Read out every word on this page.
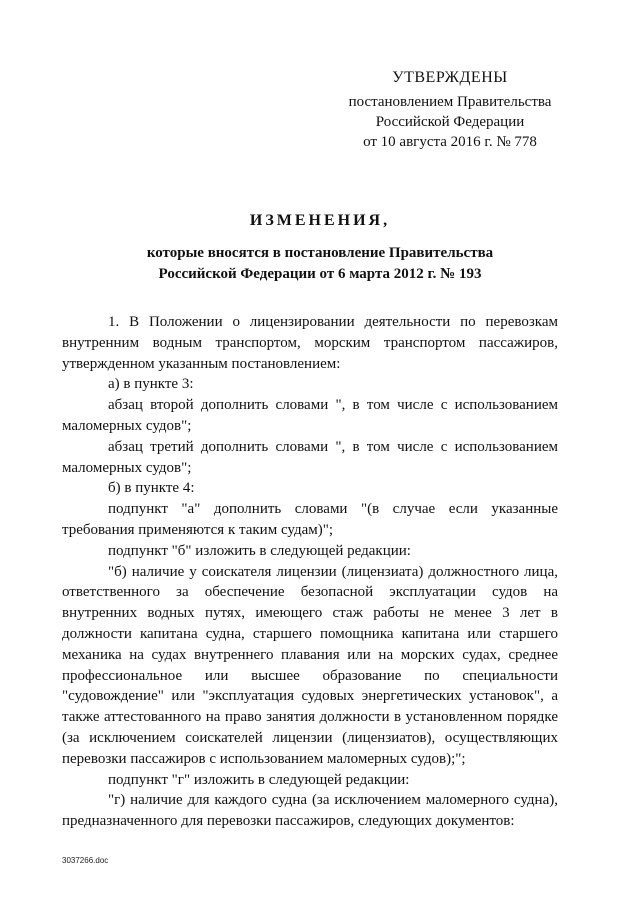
УТВЕРЖДЕНЫ
постановлением Правительства
Российской Федерации
от 10 августа 2016 г. № 778
ИЗМЕНЕНИЯ,
которые вносятся в постановление Правительства
Российской Федерации от 6 марта 2012 г. № 193

1. В Положении о лицензировании деятельности по перевозкам внутренним водным транспортом, морским транспортом пассажиров, утвержденном указанным постановлением:

а) в пункте 3:

абзац второй дополнить словами ", в том числе с использованием маломерных судов";

абзац третий дополнить словами ", в том числе с использованием маломерных судов";

б) в пункте 4:

подпункт "а" дополнить словами "(в случае если указанные требования применяются к таким судам)";

подпункт "б" изложить в следующей редакции:

"б) наличие у соискателя лицензии (лицензиата) должностного лица, ответственного за обеспечение безопасной эксплуатации судов на внутренних водных путях, имеющего стаж работы не менее 3 лет в должности капитана судна, старшего помощника капитана или старшего механика на судах внутреннего плавания или на морских судах, среднее профессиональное или высшее образование по специальности "судовождение" или "эксплуатация судовых энергетических установок", а также аттестованного на право занятия должности в установленном порядке (за исключением соискателей лицензии (лицензиатов), осуществляющих перевозки пассажиров с использованием маломерных судов);";

подпункт "г" изложить в следующей редакции:

"г) наличие для каждого судна (за исключением маломерного судна), предназначенного для перевозки пассажиров, следующих документов:

3037266.doc
